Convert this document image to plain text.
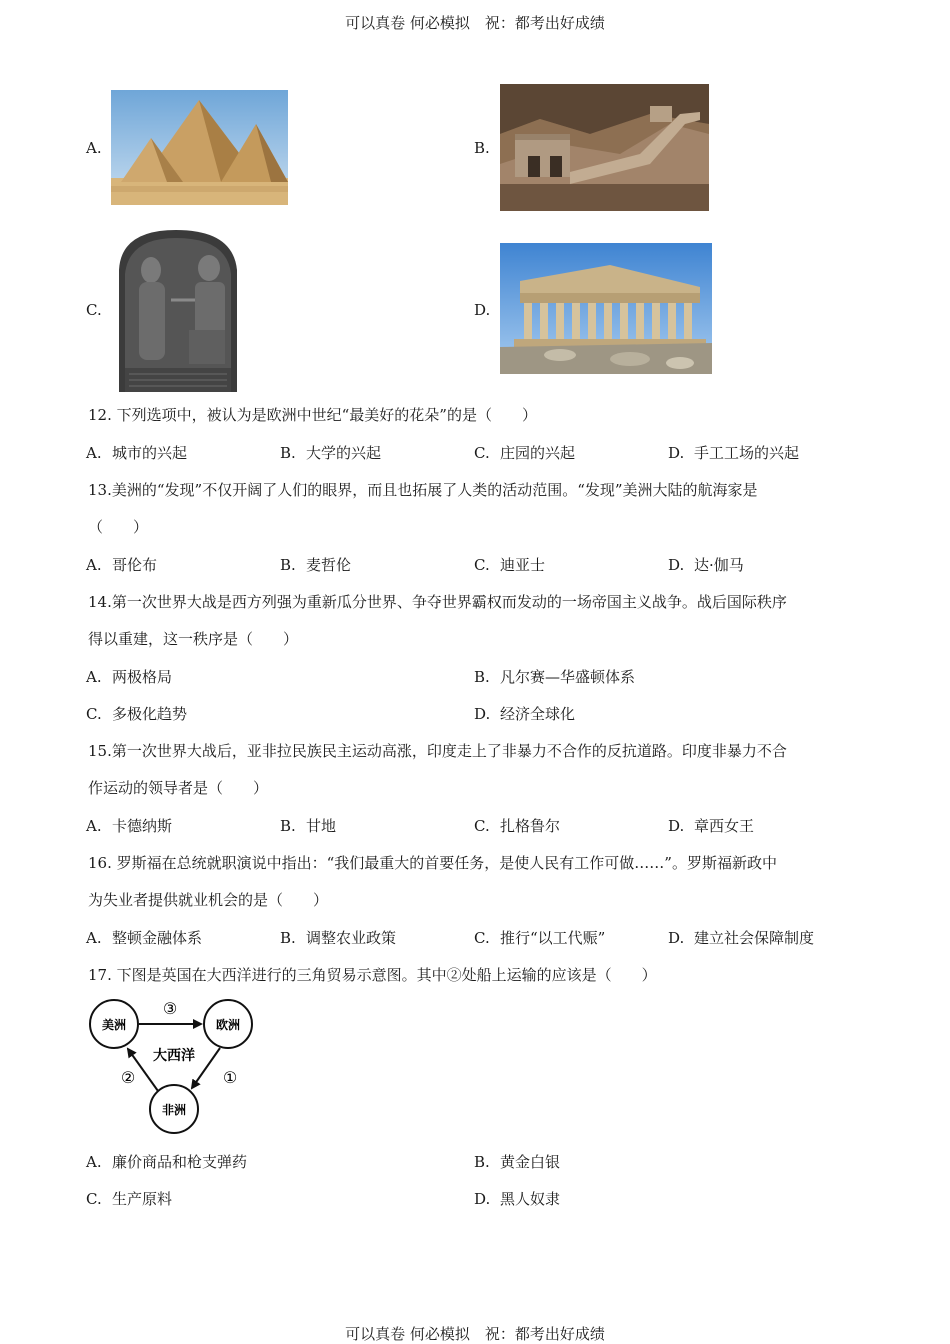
可以真卷 何必模拟　祝：都考出好成绩
可以真卷 何必模拟　祝：都考出好成绩
A.	B.
C.	D.
12. 下列选项中，被认为是欧洲中世纪“最美好的花朵”的是（　　）
A. 城市的兴起	B. 大学的兴起	C. 庄园的兴起	D. 手工工场的兴起
13.美洲的“发现”不仅开阔了人们的眼界，而且也拓展了人类的活动范围。“发现”美洲大陆的航海家是
（　　）
A. 哥伦布	B. 麦哲伦	C. 迪亚士	D. 达·伽马
14.第一次世界大战是西方列强为重新瓜分世界、争夺世界霸权而发动的一场帝国主义战争。战后国际秩序
得以重建，这一秩序是（　　）
A. 两极格局	B. 凡尔赛—华盛顿体系
C. 多极化趋势	D. 经济全球化
15.第一次世界大战后，亚非拉民族民主运动高涨，印度走上了非暴力不合作的反抗道路。印度非暴力不合
作运动的领导者是（　　）
A. 卡德纳斯	B. 甘地	C. 扎格鲁尔	D. 章西女王
16. 罗斯福在总统就职演说中指出：“我们最重大的首要任务，是使人民有工作可做……”。罗斯福新政中
为失业者提供就业机会的是（　　）
A. 整顿金融体系	B. 调整农业政策	C. 推行“以工代赈”	D. 建立社会保障制度
17. 下图是英国在大西洋进行的三角贸易示意图。其中②处船上运输的应该是（　　）
美洲	欧洲
非洲
大西洋
③
①
②
A. 廉价商品和枪支弹药	B. 黄金白银
C. 生产原料	D. 黑人奴隶
